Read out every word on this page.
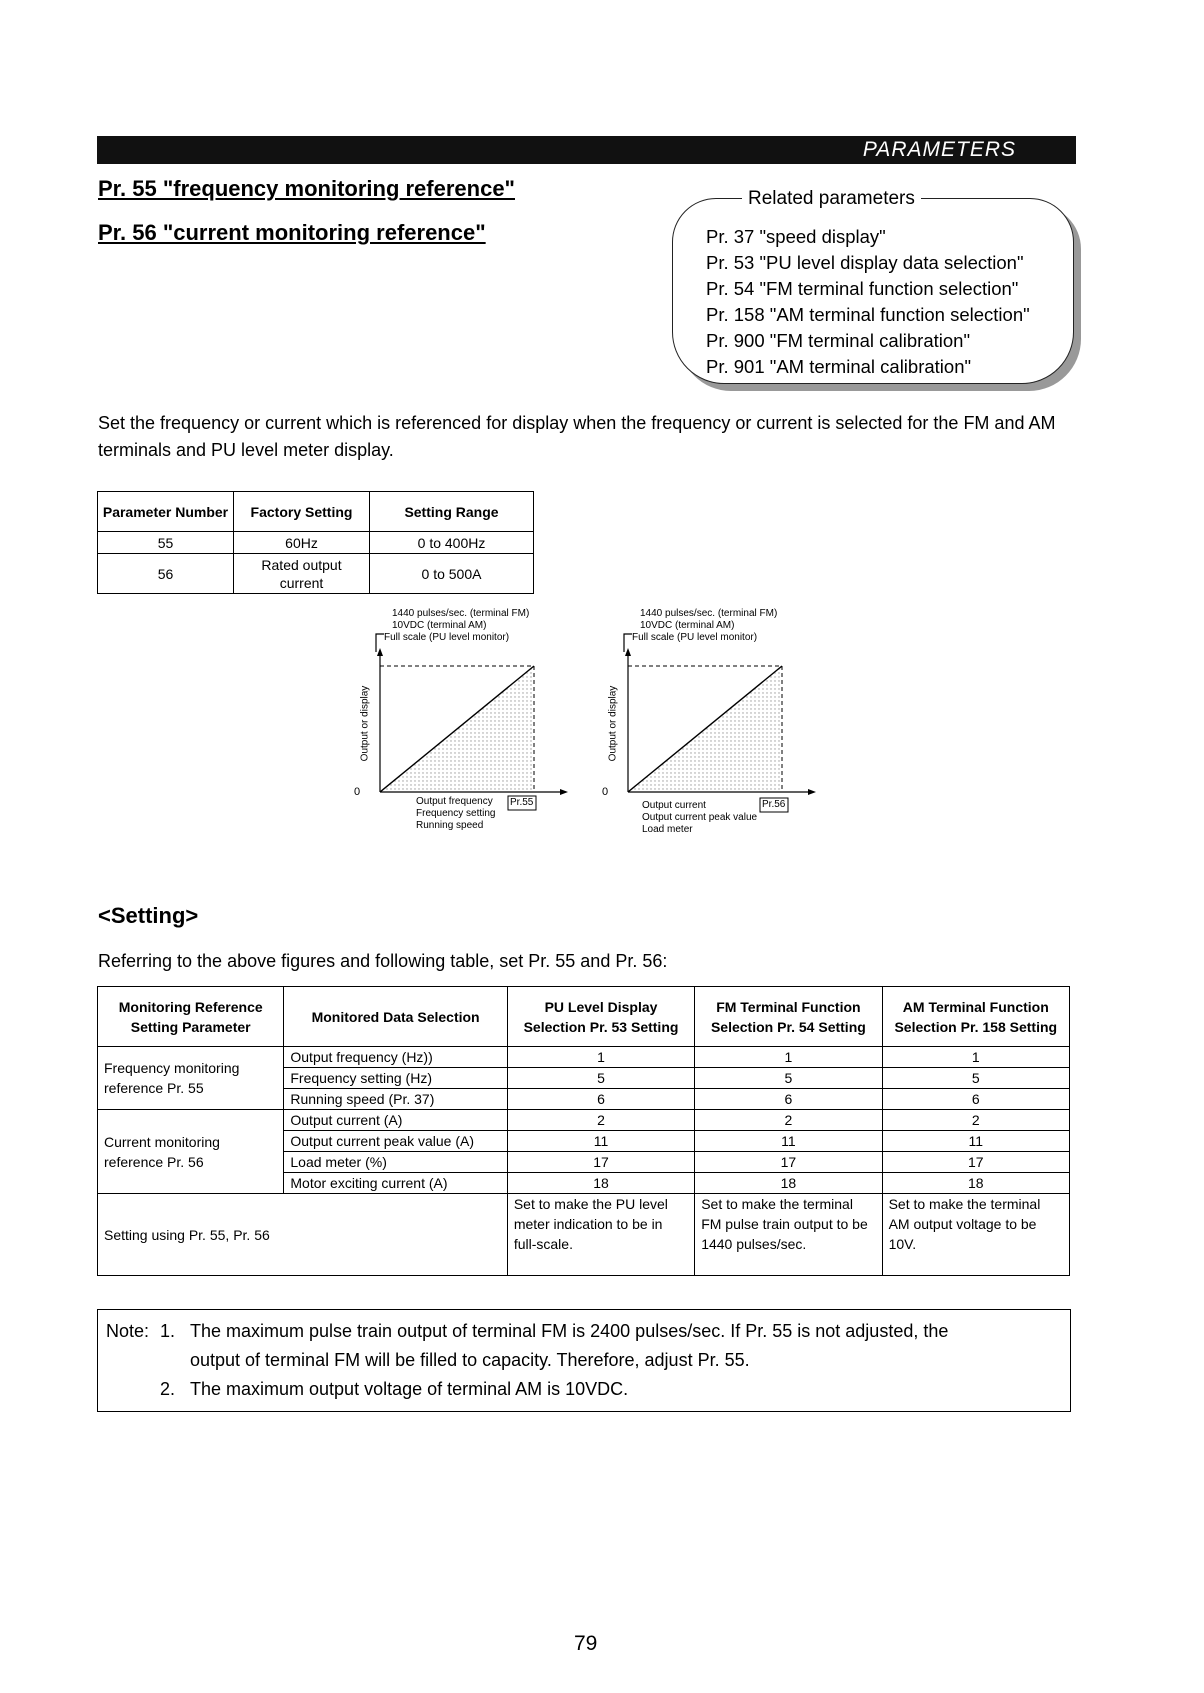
PARAMETERS
Pr. 55 "frequency monitoring reference"
Pr. 56 "current monitoring reference"
Related parameters
Pr. 37 "speed display"
Pr. 53 "PU level display data selection"
Pr. 54 "FM terminal function selection"
Pr. 158 "AM terminal function selection"
Pr. 900 "FM terminal calibration"
Pr. 901 "AM terminal calibration"
Set the frequency or current which is referenced for display when the frequency or current is selected for the FM and AM terminals and PU level meter display.
Parameter Number	Factory Setting	Setting Range
55	60Hz	0 to 400Hz
56	Rated output current	0 to 500A
1440 pulses/sec. (terminal FM)
10VDC (terminal AM)
Full scale (PU level monitor)
Output or display
0
Output frequency
Frequency setting
Running speed
Pr.55
1440 pulses/sec. (terminal FM)
10VDC (terminal AM)
Full scale (PU level monitor)
Output or display
0
Output current
Output current peak value
Load meter
Pr.56
<Setting>
Referring to the above figures and following table, set Pr. 55 and Pr. 56:
Monitoring Reference Setting Parameter	Monitored Data Selection	PU Level Display Selection Pr. 53 Setting	FM Terminal Function Selection Pr. 54 Setting	AM Terminal Function Selection Pr. 158 Setting
Frequency monitoring reference Pr. 55	Output frequency (Hz))	1	1	1
	Frequency setting (Hz)	5	5	5
	Running speed (Pr. 37)	6	6	6
Current monitoring reference Pr. 56	Output current (A)	2	2	2
	Output current peak value (A)	11	11	11
	Load meter (%)	17	17	17
	Motor exciting current (A)	18	18	18
Setting using Pr. 55, Pr. 56		Set to make the PU level meter indication to be in full-scale.	Set to make the terminal FM pulse train output to be 1440 pulses/sec.	Set to make the terminal AM output voltage to be 10V.
Note: 1. The maximum pulse train output of terminal FM is 2400 pulses/sec. If Pr. 55 is not adjusted, the
output of terminal FM will be filled to capacity. Therefore, adjust Pr. 55.
2. The maximum output voltage of terminal AM is 10VDC.
79
